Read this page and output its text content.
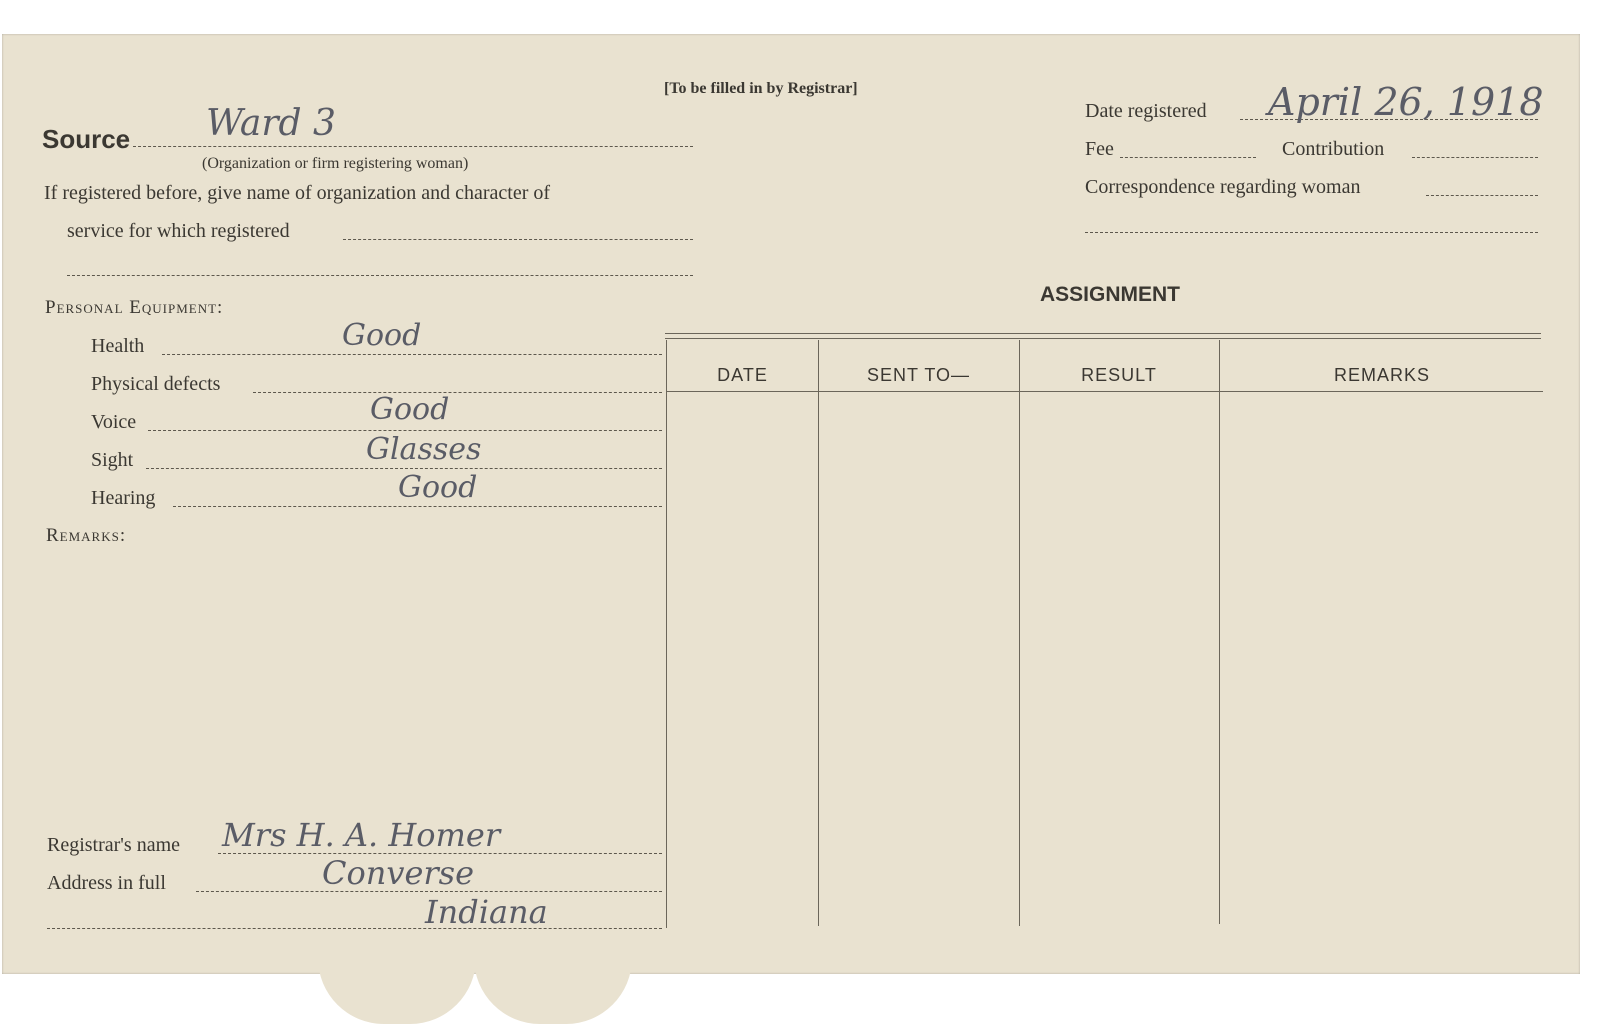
[To be filled in by Registrar]
Source Ward 3
(Organization or firm registering woman)
If registered before, give name of organization and character of
service for which registered
Personal Equipment:
Health	Good
Physical defects
Voice	Good
Sight	Glasses
Hearing	Good
Remarks:
Registrar's name Mrs H. A. Homer
Address in full	Converse
Indiana
Date registered April 26, 1918
Fee	Contribution
Correspondence regarding woman
ASSIGNMENT
DATE	SENT TO—	RESULT	REMARKS
